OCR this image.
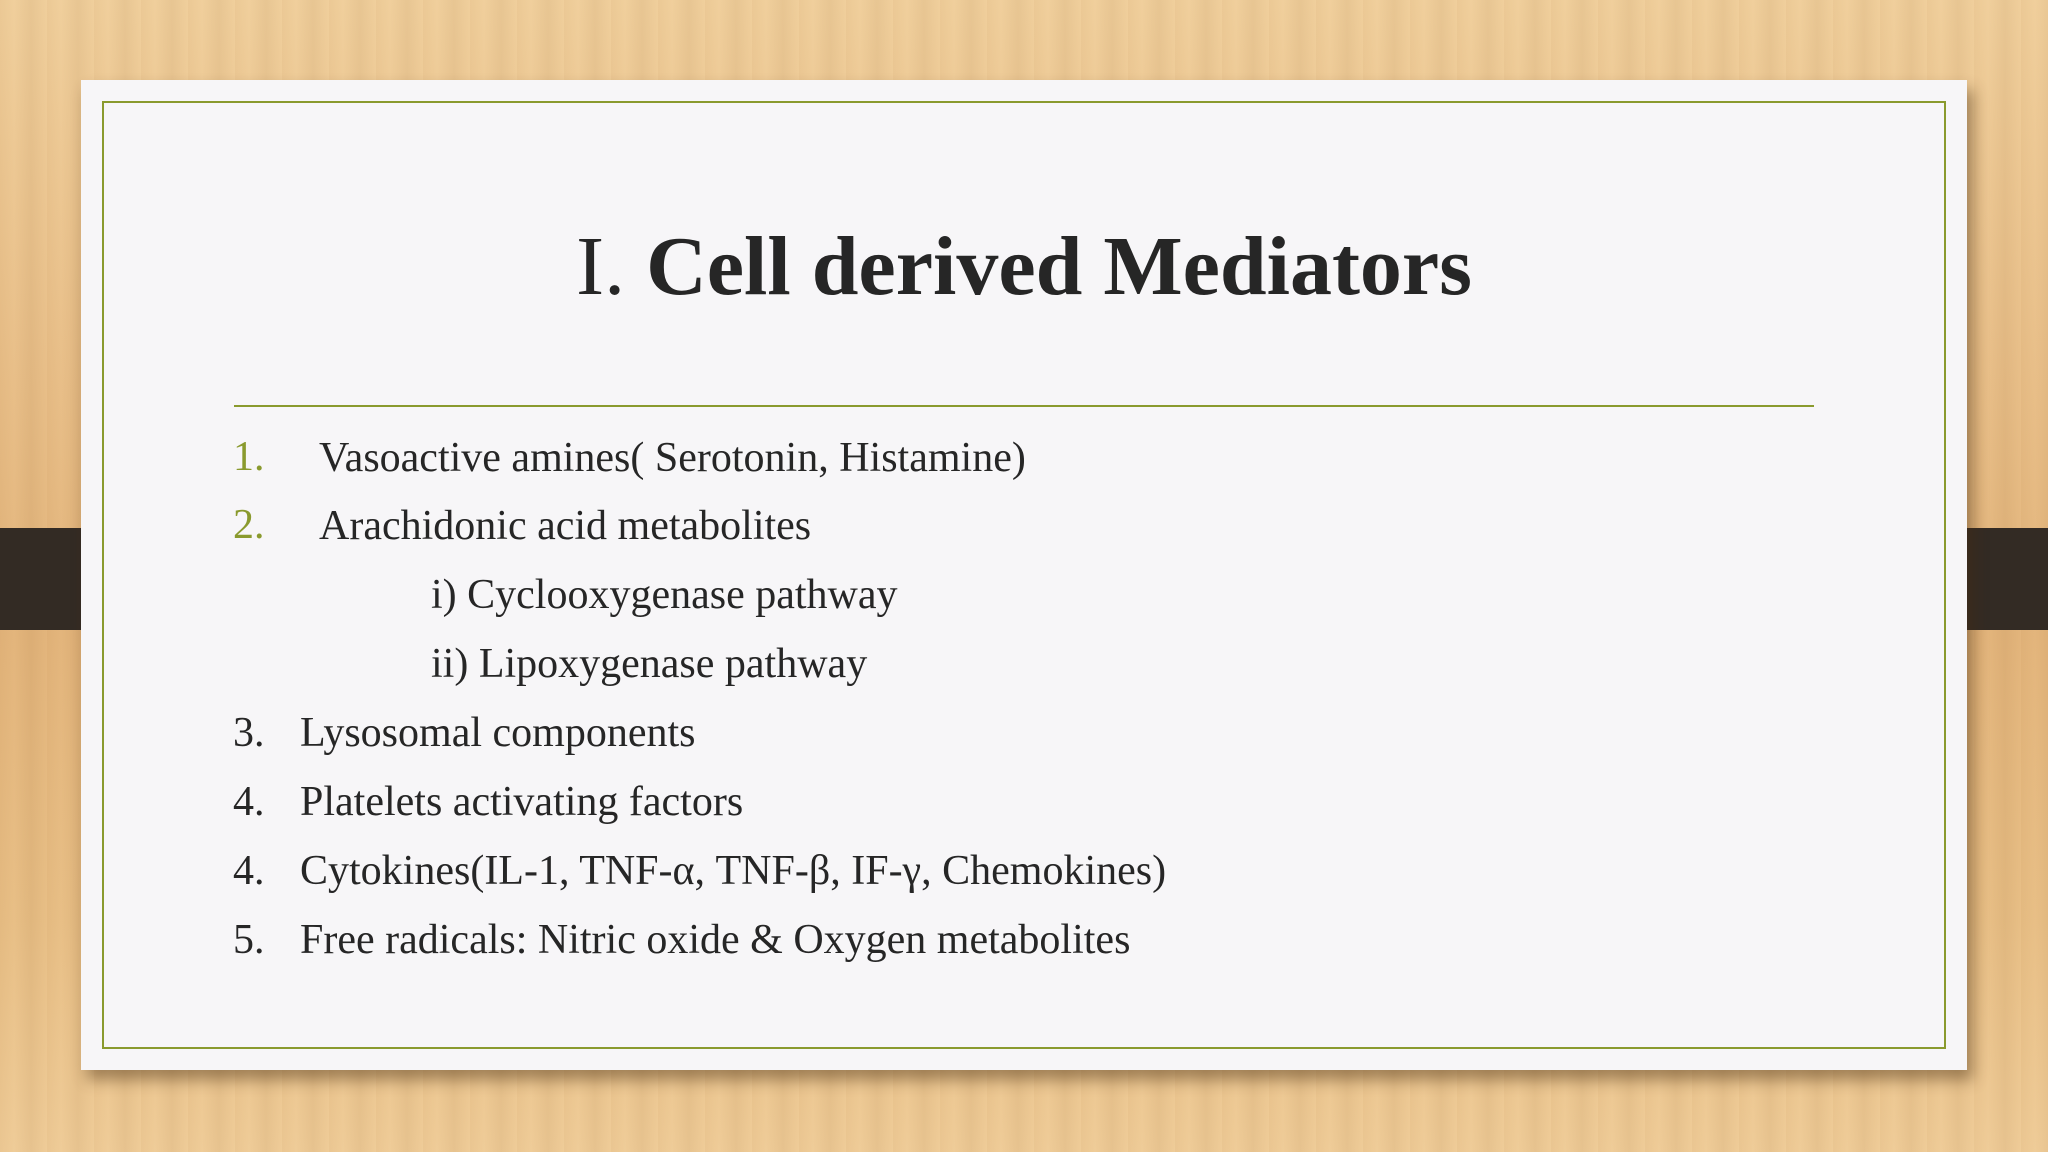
I. Cell derived Mediators
1. Vasoactive amines( Serotonin, Histamine)
2. Arachidonic acid metabolites
i) Cyclooxygenase pathway
ii) Lipoxygenase pathway
3. Lysosomal components
4. Platelets activating factors
4. Cytokines(IL-1, TNF-α, TNF-β, IF-γ, Chemokines)
5. Free radicals: Nitric oxide & Oxygen metabolites
